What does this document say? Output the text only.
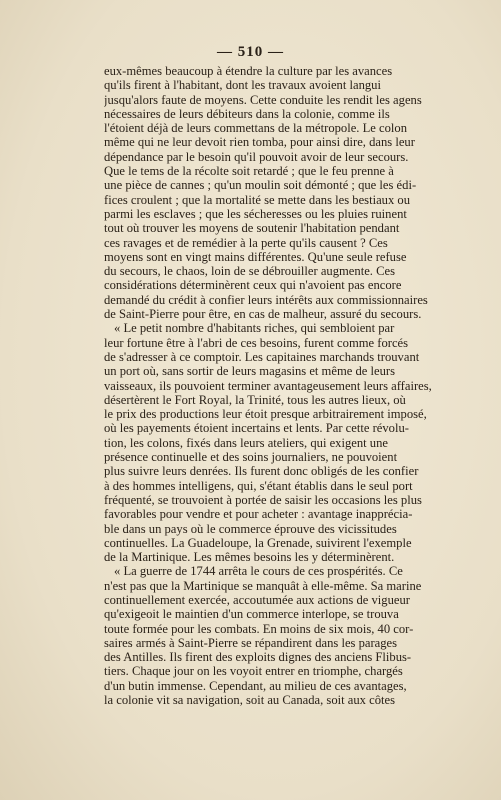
— 510 —
eux-mêmes beaucoup à étendre la culture par les avances
qu'ils firent à l'habitant, dont les travaux avoient langui
jusqu'alors faute de moyens. Cette conduite les rendit les agens
nécessaires de leurs débiteurs dans la colonie, comme ils
l'étoient déjà de leurs commettans de la métropole. Le colon
même qui ne leur devoit rien tomba, pour ainsi dire, dans leur
dépendance par le besoin qu'il pouvoit avoir de leur secours.
Que le tems de la récolte soit retardé ; que le feu prenne à
une pièce de cannes ; qu'un moulin soit démonté ; que les édi-
fices croulent ; que la mortalité se mette dans les bestiaux ou
parmi les esclaves ; que les sécheresses ou les pluies ruinent
tout où trouver les moyens de soutenir l'habitation pendant
ces ravages et de remédier à la perte qu'ils causent ? Ces
moyens sont en vingt mains différentes. Qu'une seule refuse
du secours, le chaos, loin de se débrouiller augmente. Ces
considérations déterminèrent ceux qui n'avoient pas encore
demandé du crédit à confier leurs intérêts aux commissionnaires
de Saint-Pierre pour être, en cas de malheur, assuré du secours.
« Le petit nombre d'habitants riches, qui sembloient par
leur fortune être à l'abri de ces besoins, furent comme forcés
de s'adresser à ce comptoir. Les capitaines marchands trouvant
un port où, sans sortir de leurs magasins et même de leurs
vaisseaux, ils pouvoient terminer avantageusement leurs affaires,
désertèrent le Fort Royal, la Trinité, tous les autres lieux, où
le prix des productions leur étoit presque arbitrairement imposé,
où les payements étoient incertains et lents. Par cette révolu-
tion, les colons, fixés dans leurs ateliers, qui exigent une
présence continuelle et des soins journaliers, ne pouvoient
plus suivre leurs denrées. Ils furent donc obligés de les confier
à des hommes intelligens, qui, s'étant établis dans le seul port
fréquenté, se trouvoient à portée de saisir les occasions les plus
favorables pour vendre et pour acheter : avantage inappréciа-
ble dans un pays où le commerce éprouve des vicissitudes
continuelles. La Guadeloupe, la Grenade, suivirent l'exemple
de la Martinique. Les mêmes besoins les y déterminèrent.
« La guerre de 1744 arrêta le cours de ces prospérités. Ce
n'est pas que la Martinique se manquât à elle-même. Sa marine
continuellement exercée, accoutumée aux actions de vigueur
qu'exigeoit le maintien d'un commerce interlope, se trouva
toute formée pour les combats. En moins de six mois, 40 cor-
saires armés à Saint-Pierre se répandirent dans les parages
des Antilles. Ils firent des exploits dignes des anciens Flibus-
tiers. Chaque jour on les voyoit entrer en triomphe, chargés
d'un butin immense. Cependant, au milieu de ces avantages,
la colonie vit sa navigation, soit au Canada, soit aux côtes
